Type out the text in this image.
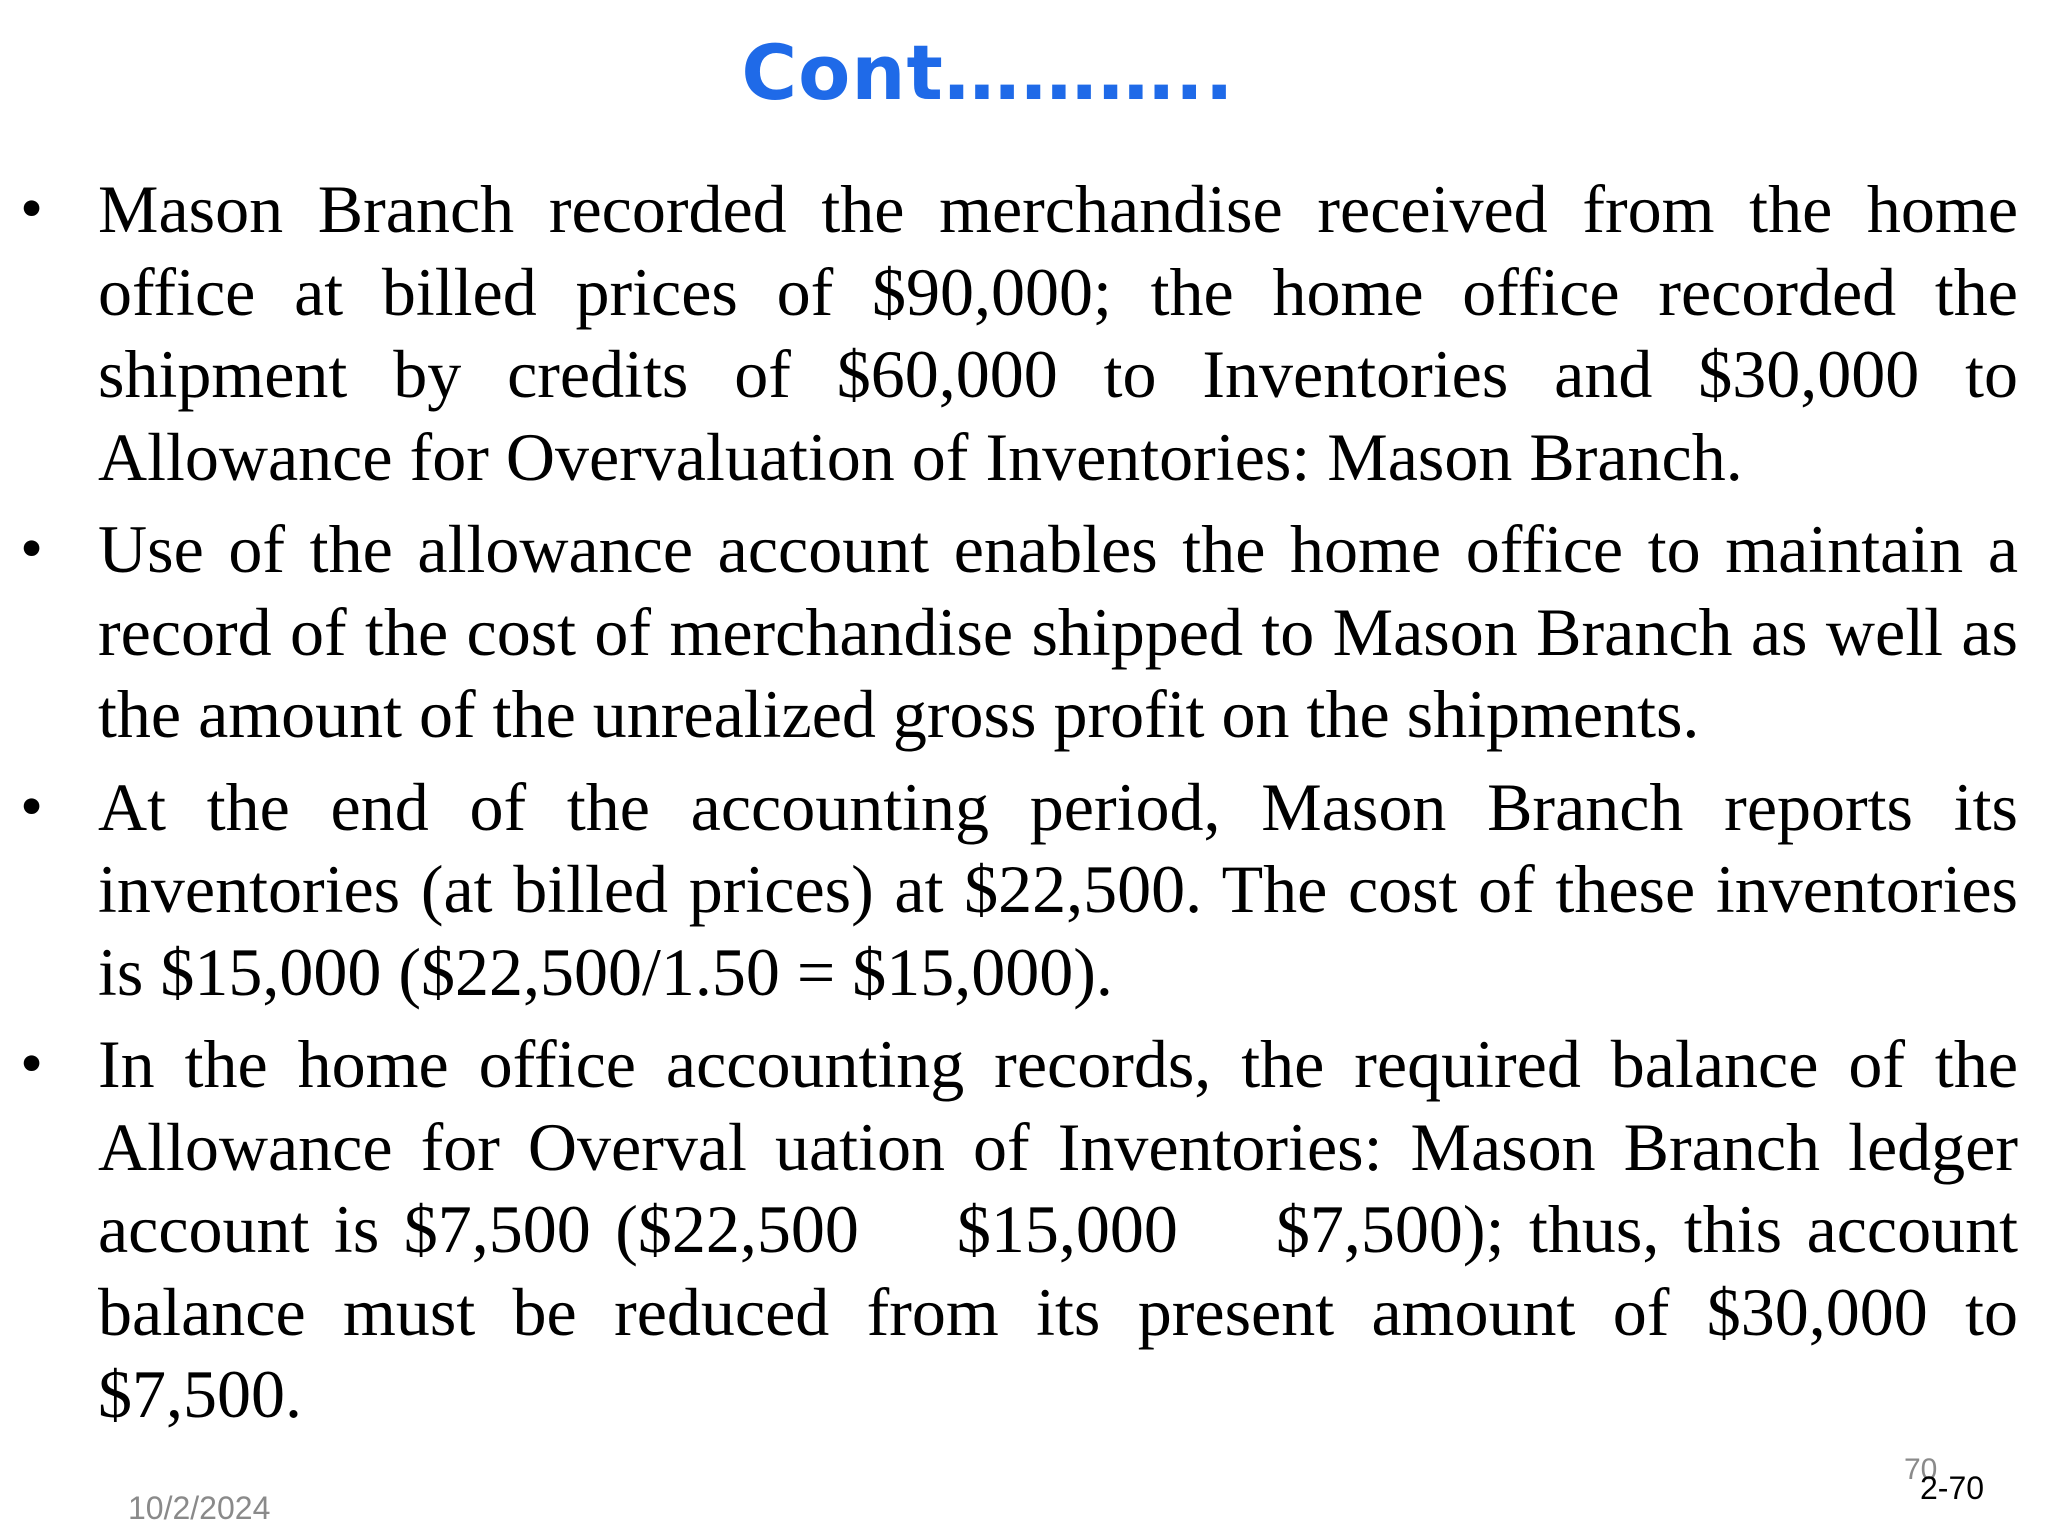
Cont………..
• Mason Branch recorded the merchandise received from the home office at billed prices of $90,000; the home office recorded the shipment by credits of $60,000 to Inventories and $30,000 to Allowance for Overvaluation of Inventories: Mason Branch.
• Use of the allowance account enables the home office to maintain a record of the cost of merchandise shipped to Mason Branch as well as the amount of the unrealized gross profit on the shipments.
• At the end of the accounting period, Mason Branch reports its inventories (at billed prices) at $22,500. The cost of these inventories is $15,000 ($22,500/1.50 = $15,000).
• In the home office accounting records, the required balance of the Allowance for Overval uation of Inventories: Mason Branch ledger account is $7,500 ($22,500    $15,000    $7,500); thus, this account balance must be reduced from its present amount of $30,000 to $7,500.
10/2/2024
70
2-70
